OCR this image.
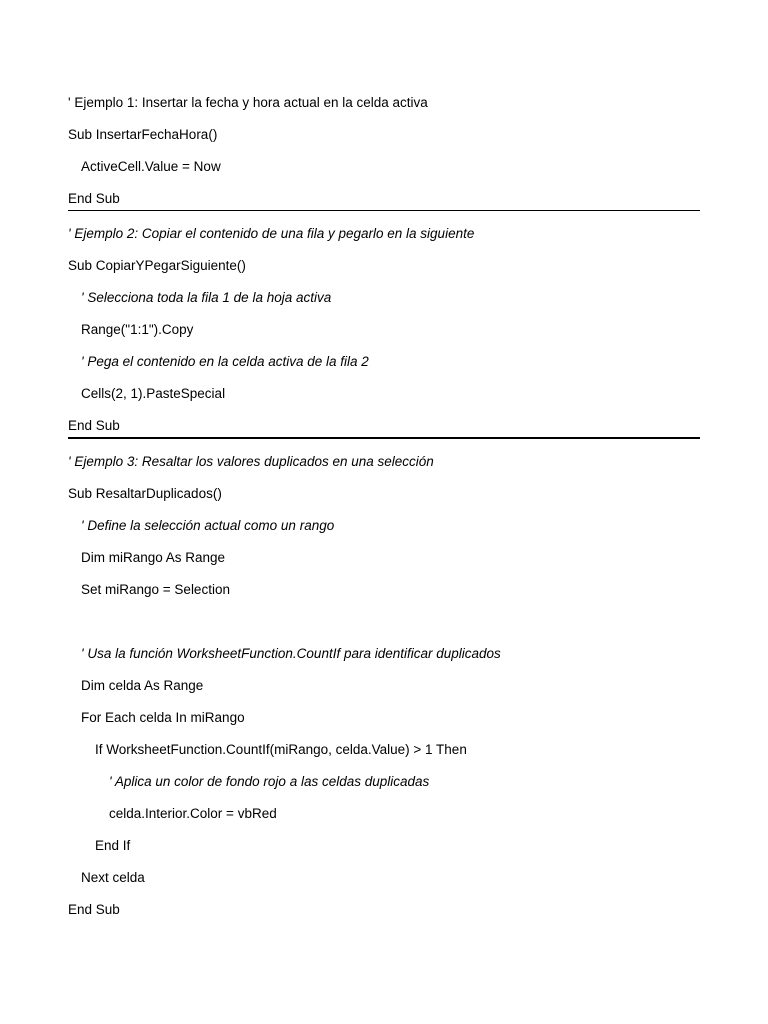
' Ejemplo 1: Insertar la fecha y hora actual en la celda activa
Sub InsertarFechaHora()
ActiveCell.Value = Now
End Sub
' Ejemplo 2: Copiar el contenido de una fila y pegarlo en la siguiente
Sub CopiarYPegarSiguiente()
' Selecciona toda la fila 1 de la hoja activa
Range("1:1").Copy
' Pega el contenido en la celda activa de la fila 2
Cells(2, 1).PasteSpecial
End Sub
' Ejemplo 3: Resaltar los valores duplicados en una selección
Sub ResaltarDuplicados()
' Define la selección actual como un rango
Dim miRango As Range
Set miRango = Selection
' Usa la función WorksheetFunction.CountIf para identificar duplicados
Dim celda As Range
For Each celda In miRango
If WorksheetFunction.CountIf(miRango, celda.Value) > 1 Then
' Aplica un color de fondo rojo a las celdas duplicadas
celda.Interior.Color = vbRed
End If
Next celda
End Sub
